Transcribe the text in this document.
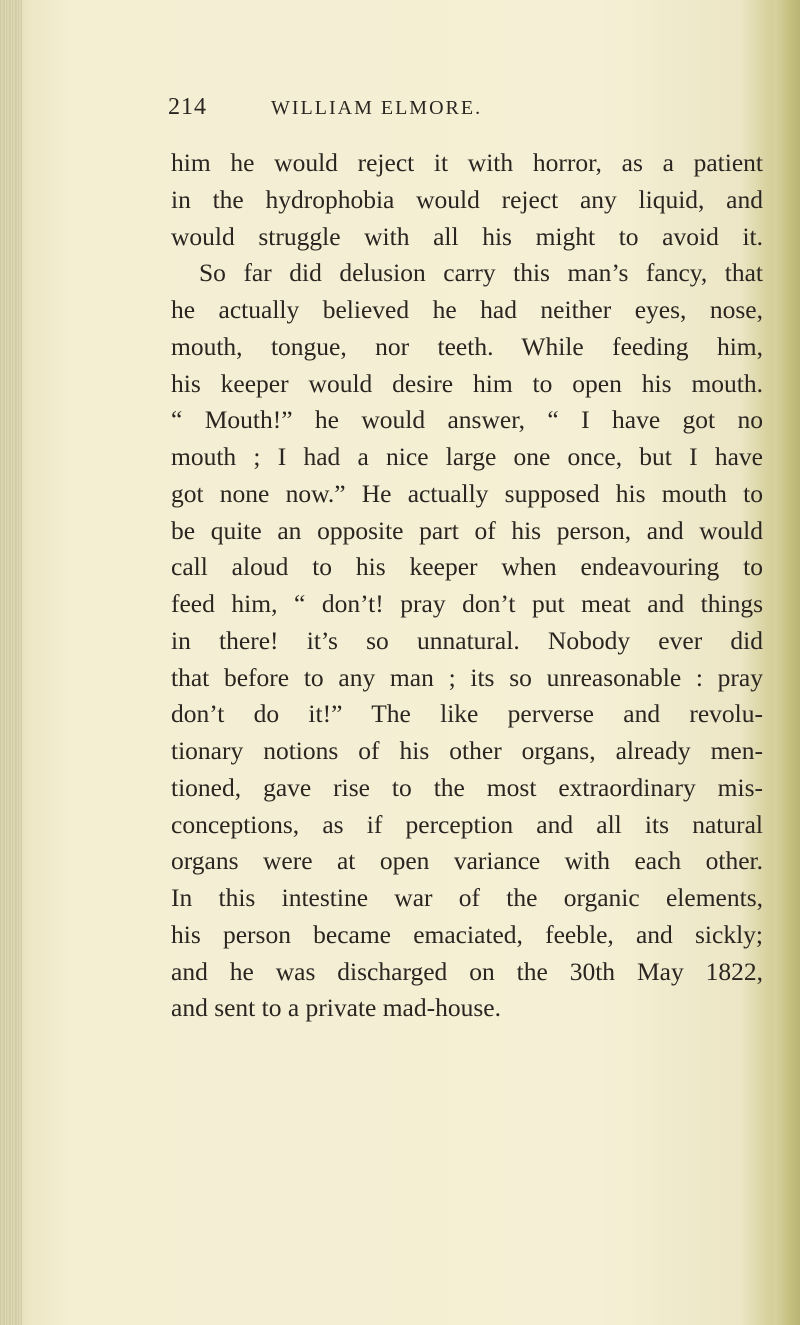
214	WILLIAM ELMORE.
him he would reject it with horror, as a patient
in the hydrophobia would reject any liquid, and
would struggle with all his might to avoid it.
So far did delusion carry this man’s fancy, that
he actually believed he had neither eyes, nose,
mouth, tongue, nor teeth. While feeding him,
his keeper would desire him to open his mouth.
“ Mouth!” he would answer, “ I have got no
mouth ; I had a nice large one once, but I have
got none now.” He actually supposed his mouth to
be quite an opposite part of his person, and would
call aloud to his keeper when endeavouring to
feed him, “ don’t! pray don’t put meat and things
in there! it’s so unnatural. Nobody ever did
that before to any man ; its so unreasonable : pray
don’t do it!” The like perverse and revolu-
tionary notions of his other organs, already men-
tioned, gave rise to the most extraordinary mis-
conceptions, as if perception and all its natural
organs were at open variance with each other.
In this intestine war of the organic elements,
his person became emaciated, feeble, and sickly;
and he was discharged on the 30th May 1822,
and sent to a private mad-house.
